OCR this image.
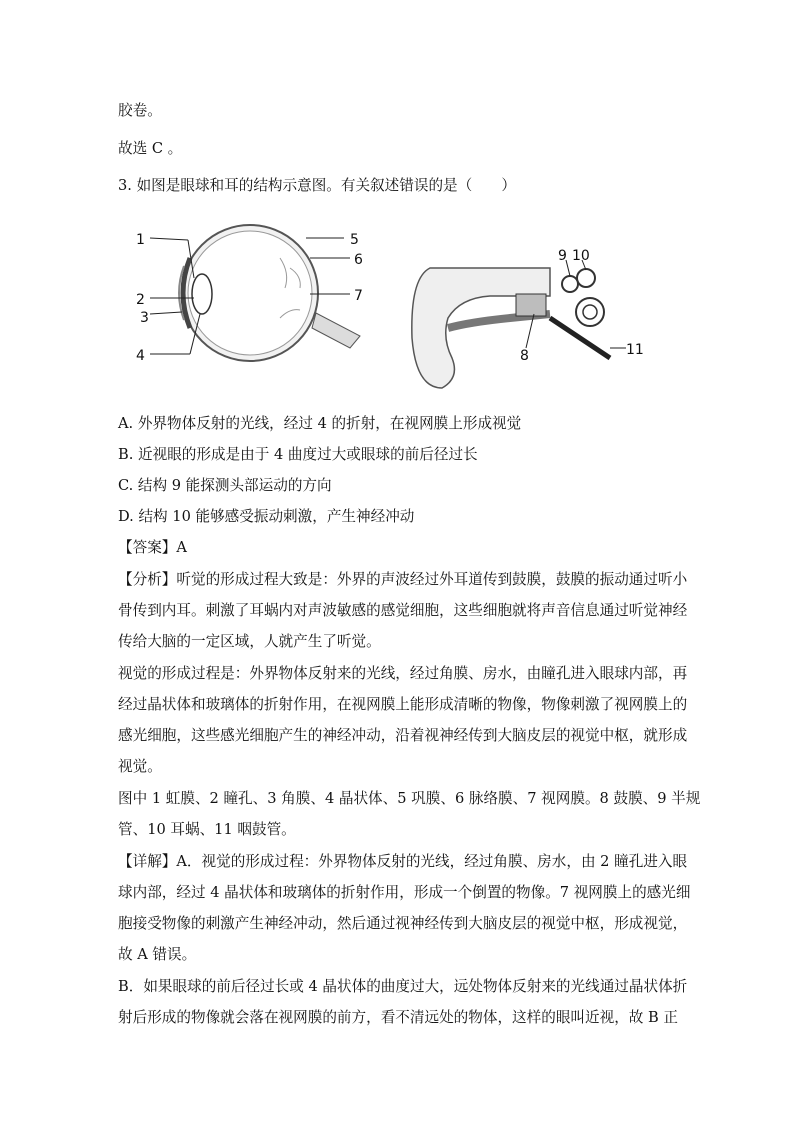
胶卷。
故选 C 。
3. 如图是眼球和耳的结构示意图。有关叙述错误的是（　　）
1
2
3
4
5
6
7
9 10
8	11
A. 外界物体反射的光线，经过 4 的折射，在视网膜上形成视觉
B. 近视眼的形成是由于 4 曲度过大或眼球的前后径过长
C. 结构 9 能探测头部运动的方向
D. 结构 10 能够感受振动刺激，产生神经冲动
【答案】A
【分析】听觉的形成过程大致是：外界的声波经过外耳道传到鼓膜，鼓膜的振动通过听小
骨传到内耳。刺激了耳蜗内对声波敏感的感觉细胞，这些细胞就将声音信息通过听觉神经
传给大脑的一定区域，人就产生了听觉。
视觉的形成过程是：外界物体反射来的光线，经过角膜、房水，由瞳孔进入眼球内部，再
经过晶状体和玻璃体的折射作用，在视网膜上能形成清晰的物像，物像刺激了视网膜上的
感光细胞，这些感光细胞产生的神经冲动，沿着视神经传到大脑皮层的视觉中枢，就形成
视觉。
图中 1 虹膜、2 瞳孔、3 角膜、4 晶状体、5 巩膜、6 脉络膜、7 视网膜。8 鼓膜、9 半规
管、10 耳蜗、11 咽鼓管。
【详解】A．视觉的形成过程：外界物体反射的光线，经过角膜、房水，由 2 瞳孔进入眼
球内部，经过 4 晶状体和玻璃体的折射作用，形成一个倒置的物像。7 视网膜上的感光细
胞接受物像的刺激产生神经冲动，然后通过视神经传到大脑皮层的视觉中枢，形成视觉，
故 A 错误。
B．如果眼球的前后径过长或 4 晶状体的曲度过大，远处物体反射来的光线通过晶状体折
射后形成的物像就会落在视网膜的前方，看不清远处的物体，这样的眼叫近视，故 B 正
